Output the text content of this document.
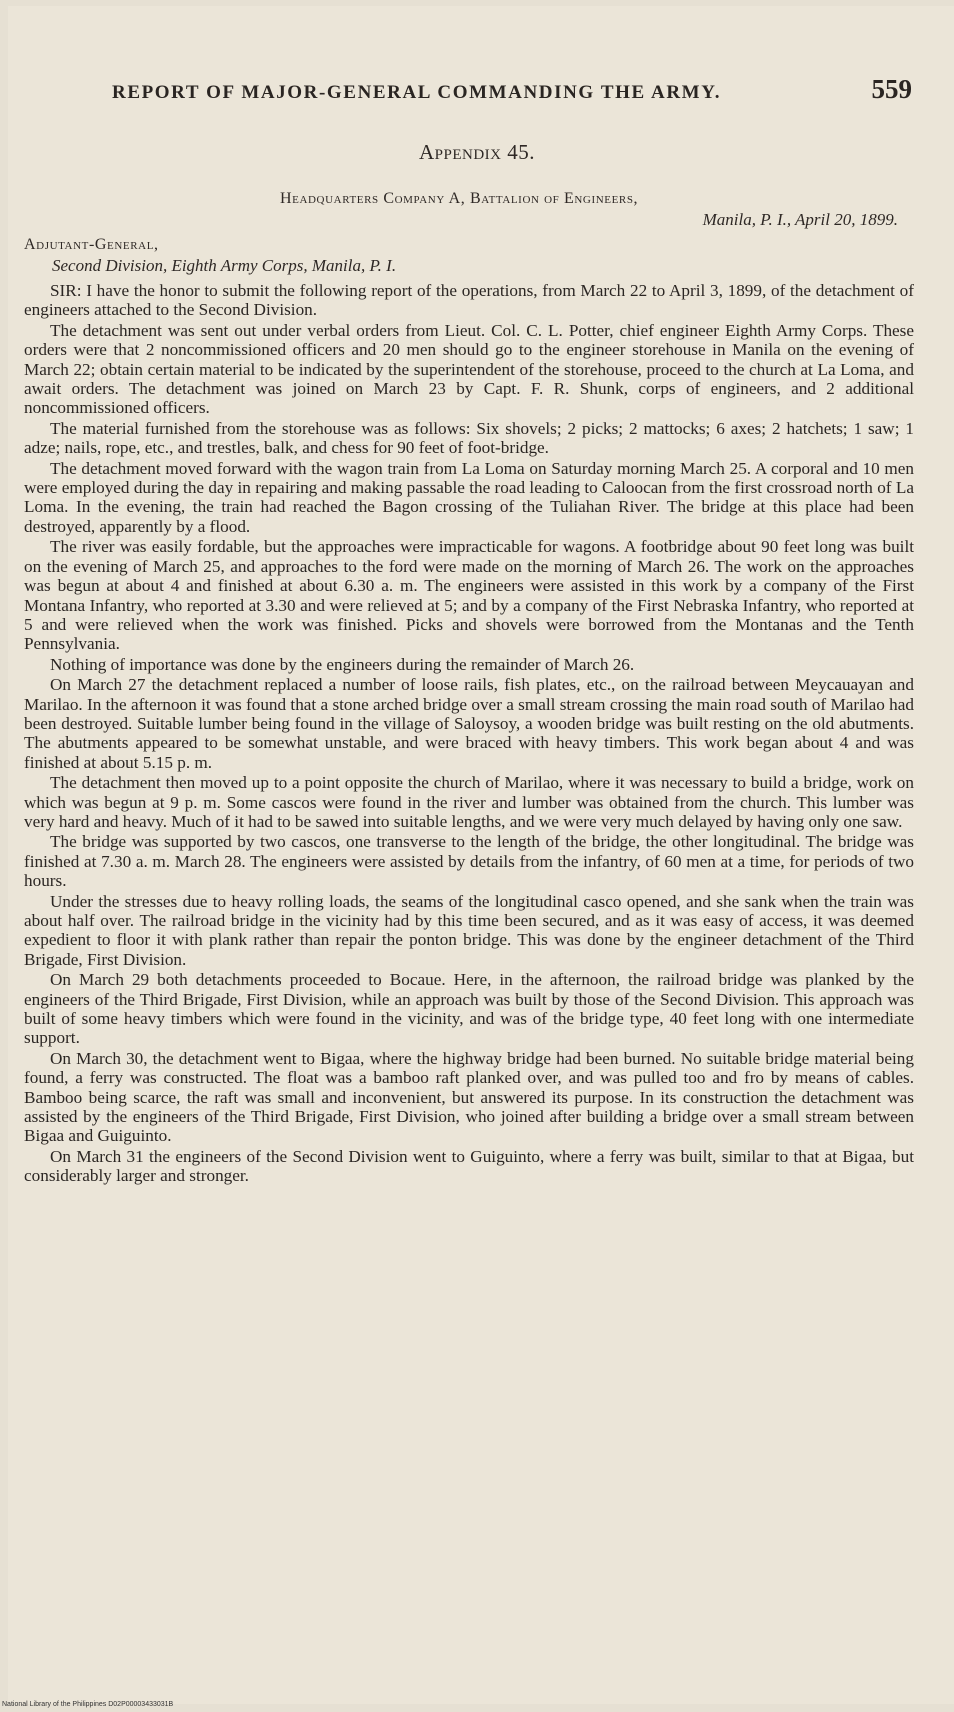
REPORT OF MAJOR-GENERAL COMMANDING THE ARMY.	559
Appendix 45.
Headquarters Company A, Battalion of Engineers,
Manila, P. I., April 20, 1899.
Adjutant-General,
Second Division, Eighth Army Corps, Manila, P. I.

SIR: I have the honor to submit the following report of the operations, from March 22 to April 3, 1899, of the detachment of engineers attached to the Second Division.

The detachment was sent out under verbal orders from Lieut. Col. C. L. Potter, chief engineer Eighth Army Corps. These orders were that 2 noncommissioned officers and 20 men should go to the engineer storehouse in Manila on the evening of March 22; obtain certain material to be indicated by the superintendent of the storehouse, proceed to the church at La Loma, and await orders. The detachment was joined on March 23 by Capt. F. R. Shunk, corps of engineers, and 2 additional noncommissioned officers.

The material furnished from the storehouse was as follows: Six shovels; 2 picks; 2 mattocks; 6 axes; 2 hatchets; 1 saw; 1 adze; nails, rope, etc., and trestles, balk, and chess for 90 feet of foot-bridge.

The detachment moved forward with the wagon train from La Loma on Saturday morning March 25. A corporal and 10 men were employed during the day in repairing and making passable the road leading to Caloocan from the first crossroad north of La Loma. In the evening, the train had reached the Bagon crossing of the Tuliahan River. The bridge at this place had been destroyed, apparently by a flood.

The river was easily fordable, but the approaches were impracticable for wagons. A footbridge about 90 feet long was built on the evening of March 25, and approaches to the ford were made on the morning of March 26. The work on the approaches was begun at about 4 and finished at about 6.30 a. m. The engineers were assisted in this work by a company of the First Montana Infantry, who reported at 3.30 and were relieved at 5; and by a company of the First Nebraska Infantry, who reported at 5 and were relieved when the work was finished. Picks and shovels were borrowed from the Montanas and the Tenth Pennsylvania.

Nothing of importance was done by the engineers during the remainder of March 26.

On March 27 the detachment replaced a number of loose rails, fish plates, etc., on the railroad between Meycauayan and Marilao. In the afternoon it was found that a stone arched bridge over a small stream crossing the main road south of Marilao had been destroyed. Suitable lumber being found in the village of Saloysoy, a wooden bridge was built resting on the old abutments. The abutments appeared to be somewhat unstable, and were braced with heavy timbers. This work began about 4 and was finished at about 5.15 p. m.

The detachment then moved up to a point opposite the church of Marilao, where it was necessary to build a bridge, work on which was begun at 9 p. m. Some cascos were found in the river and lumber was obtained from the church. This lumber was very hard and heavy. Much of it had to be sawed into suitable lengths, and we were very much delayed by having only one saw.

The bridge was supported by two cascos, one transverse to the length of the bridge, the other longitudinal. The bridge was finished at 7.30 a. m. March 28. The engineers were assisted by details from the infantry, of 60 men at a time, for periods of two hours.

Under the stresses due to heavy rolling loads, the seams of the longitudinal casco opened, and she sank when the train was about half over. The railroad bridge in the vicinity had by this time been secured, and as it was easy of access, it was deemed expedient to floor it with plank rather than repair the ponton bridge. This was done by the engineer detachment of the Third Brigade, First Division.

On March 29 both detachments proceeded to Bocaue. Here, in the afternoon, the railroad bridge was planked by the engineers of the Third Brigade, First Division, while an approach was built by those of the Second Division. This approach was built of some heavy timbers which were found in the vicinity, and was of the bridge type, 40 feet long with one intermediate support.

On March 30, the detachment went to Bigaa, where the highway bridge had been burned. No suitable bridge material being found, a ferry was constructed. The float was a bamboo raft planked over, and was pulled too and fro by means of cables. Bamboo being scarce, the raft was small and inconvenient, but answered its purpose. In its construction the detachment was assisted by the engineers of the Third Brigade, First Division, who joined after building a bridge over a small stream between Bigaa and Guiguinto.

On March 31 the engineers of the Second Division went to Guiguinto, where a ferry was built, similar to that at Bigaa, but considerably larger and stronger.

National Library of the Philippines D02P00003433031B
